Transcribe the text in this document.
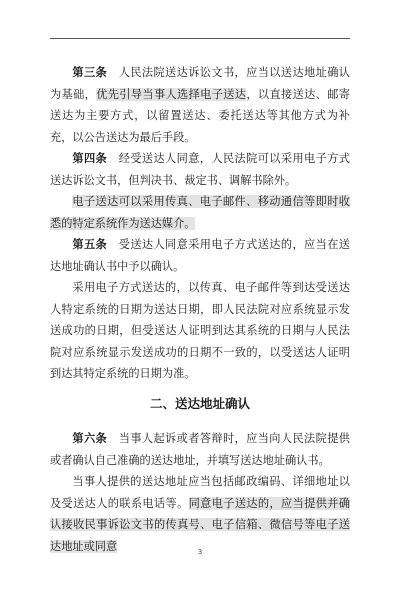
第三条　 人民法院送达诉讼文书，应当以送达地址确认为基础，优先引导当事人选择电子送达，以直接送达、邮寄送达为主要方式，以留置送达、委托送达等其他方式为补充，以公告送达为最后手段。

第四条　 经受送达人同意，人民法院可以采用电子方式送达诉讼文书，但判决书、裁定书、调解书除外。

电子送达可以采用传真、电子邮件、移动通信等即时收悉的特定系统作为送达媒介。

第五条　 受送达人同意采用电子方式送达的，应当在送达地址确认书中予以确认。

采用电子方式送达的，以传真、电子邮件等到达受送达人特定系统的日期为送达日期，即人民法院对应系统显示发送成功的日期，但受送达人证明到达其系统的日期与人民法院对应系统显示发送成功的日期不一致的，以受送达人证明到达其特定系统的日期为准。

二、送达地址确认

第六条　 当事人起诉或者答辩时，应当向人民法院提供或者确认自己准确的送达地址，并填写送达地址确认书。

当事人提供的送达地址应当包括邮政编码、详细地址以及受送达人的联系电话等。同意电子送达的，应当提供并确认接收民事诉讼文书的传真号、电子信箱、微信号等电子送达地址或同意	3
